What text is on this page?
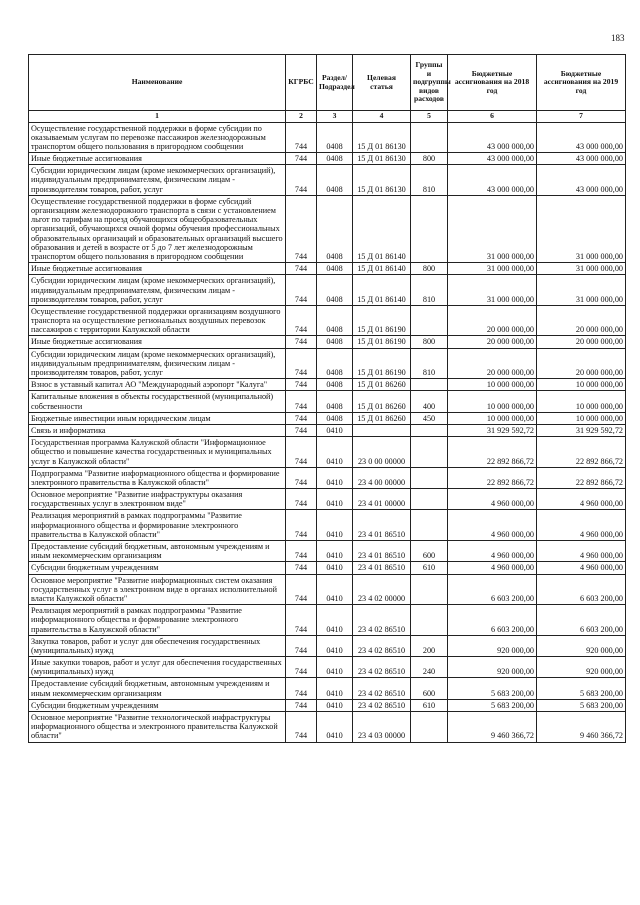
183
Наименование	КГРБС	Раздел/ Подраздел	Целевая статья	Группы и подгруппы видов расходов	Бюджетные ассигнования на 2018 год	Бюджетные ассигнования на 2019 год
1	2	3	4	5	6	7
Осуществление государственной поддержки в форме субсидии по оказываемым услугам по перевозке пассажиров железнодорожным транспортом общего пользования в пригородном сообщении	744	0408	15 Д 01 86130		43 000 000,00	43 000 000,00
Иные бюджетные ассигнования	744	0408	15 Д 01 86130	800	43 000 000,00	43 000 000,00
Субсидии юридическим лицам (кроме некоммерческих организаций), индивидуальным предпринимателям, физическим лицам - производителям товаров, работ, услуг	744	0408	15 Д 01 86130	810	43 000 000,00	43 000 000,00
Осуществление государственной поддержки в форме субсидий организациям железнодорожного транспорта в связи с установлением льгот по тарифам на проезд обучающихся общеобразовательных организаций, обучающихся очной формы обучения профессиональных образовательных организаций и образовательных организаций высшего образования и детей в возрасте от 5 до 7 лет железнодорожным транспортом общего пользования в пригородном сообщении	744	0408	15 Д 01 86140		31 000 000,00	31 000 000,00
Иные бюджетные ассигнования	744	0408	15 Д 01 86140	800	31 000 000,00	31 000 000,00
Субсидии юридическим лицам (кроме некоммерческих организаций), индивидуальным предпринимателям, физическим лицам - производителям товаров, работ, услуг	744	0408	15 Д 01 86140	810	31 000 000,00	31 000 000,00
Осуществление государственной поддержки организациям воздушного транспорта на осуществление региональных воздушных перевозок пассажиров с территории Калужской области	744	0408	15 Д 01 86190		20 000 000,00	20 000 000,00
Иные бюджетные ассигнования	744	0408	15 Д 01 86190	800	20 000 000,00	20 000 000,00
Субсидии юридическим лицам (кроме некоммерческих организаций), индивидуальным предпринимателям, физическим лицам - производителям товаров, работ, услуг	744	0408	15 Д 01 86190	810	20 000 000,00	20 000 000,00
Взнос в уставный капитал АО "Международный аэропорт "Калуга"	744	0408	15 Д 01 86260		10 000 000,00	10 000 000,00
Капитальные вложения в объекты государственной (муниципальной) собственности	744	0408	15 Д 01 86260	400	10 000 000,00	10 000 000,00
Бюджетные инвестиции иным юридическим лицам	744	0408	15 Д 01 86260	450	10 000 000,00	10 000 000,00
Связь и информатика	744	0410			31 929 592,72	31 929 592,72
Государственная программа Калужской области "Информационное общество и повышение качества государственных и муниципальных услуг в Калужской области"	744	0410	23 0 00 00000		22 892 866,72	22 892 866,72
Подпрограмма "Развитие информационного общества и формирование электронного правительства в Калужской области"	744	0410	23 4 00 00000		22 892 866,72	22 892 866,72
Основное мероприятие "Развитие инфраструктуры оказания государственных услуг в электронном виде"	744	0410	23 4 01 00000		4 960 000,00	4 960 000,00
Реализация мероприятий в рамках подпрограммы "Развитие информационного общества и формирование электронного правительства в Калужской области"	744	0410	23 4 01 86510		4 960 000,00	4 960 000,00
Предоставление субсидий бюджетным, автономным учреждениям и иным некоммерческим организациям	744	0410	23 4 01 86510	600	4 960 000,00	4 960 000,00
Субсидии бюджетным учреждениям	744	0410	23 4 01 86510	610	4 960 000,00	4 960 000,00
Основное мероприятие "Развитие информационных систем оказания государственных услуг в электронном виде в органах исполнительной власти Калужской области"	744	0410	23 4 02 00000		6 603 200,00	6 603 200,00
Реализация мероприятий в рамках подпрограммы "Развитие информационного общества и формирование электронного правительства в Калужской области"	744	0410	23 4 02 86510		6 603 200,00	6 603 200,00
Закупка товаров, работ и услуг для обеспечения государственных (муниципальных) нужд	744	0410	23 4 02 86510	200	920 000,00	920 000,00
Иные закупки товаров, работ и услуг для обеспечения государственных (муниципальных) нужд	744	0410	23 4 02 86510	240	920 000,00	920 000,00
Предоставление субсидий бюджетным, автономным учреждениям и иным некоммерческим организациям	744	0410	23 4 02 86510	600	5 683 200,00	5 683 200,00
Субсидии бюджетным учреждениям	744	0410	23 4 02 86510	610	5 683 200,00	5 683 200,00
Основное мероприятие "Развитие технологической инфраструктуры информационного общества и электронного правительства Калужской области"	744	0410	23 4 03 00000		9 460 366,72	9 460 366,72
